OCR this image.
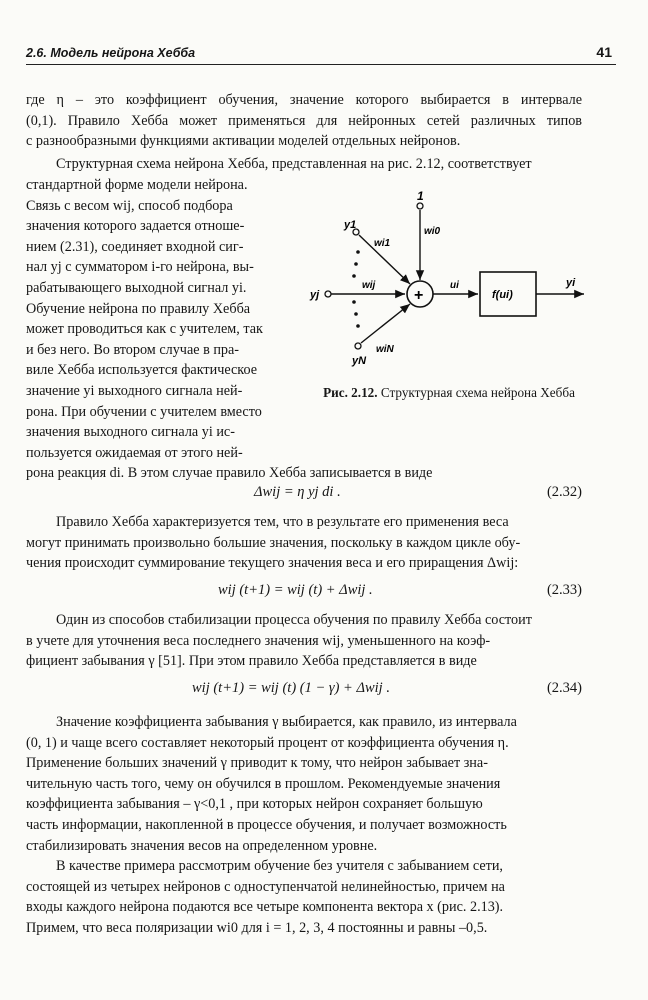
2.6. Модель нейрона Хебба	41
где η – это коэффициент обучения, значение которого выбирается в интервале
(0,1). Правило Хебба может применяться для нейронных сетей различных типов
с разнообразными функциями активации моделей отдельных нейронов.
Структурная схема нейрона Хебба, представленная на рис. 2.12, соответствует
стандартной форме модели нейрона.
Связь с весом wij, способ подбора
значения которого задается отноше-
нием (2.31), соединяет входной сиг-
нал yj с сумматором i-го нейрона, вы-
рабатывающего выходной сигнал yi.
Обучение нейрона по правилу Хебба
может проводиться как с учителем, так
и без него. Во втором случае в пра-
виле Хебба используется фактическое
значение yi выходного сигнала ней-
рона. При обучении с учителем вместо
значения выходного сигнала yi ис-
пользуется ожидаемая от этого ней-
рона реакция di. В этом случае правило Хебба записывается в виде
1
wi0
y1
wi1
yj
wij
yN
wiN
+
ui
f(ui)
yi
Рис. 2.12. Структурная схема нейрона Хебба
Δwij = η yj di .	(2.32)
Правило Хебба характеризуется тем, что в результате его применения веса
могут принимать произвольно большие значения, поскольку в каждом цикле обу-
чения происходит суммирование текущего значения веса и его приращения Δwij:
wij (t+1) = wij (t) + Δwij .	(2.33)
Один из способов стабилизации процесса обучения по правилу Хебба состоит
в учете для уточнения веса последнего значения wij, уменьшенного на коэф-
фициент забывания γ [51]. При этом правило Хебба представляется в виде
wij (t+1) = wij (t) (1 − γ) + Δwij .	(2.34)
Значение коэффициента забывания γ выбирается, как правило, из интервала
(0, 1) и чаще всего составляет некоторый процент от коэффициента обучения η.
Применение больших значений γ приводит к тому, что нейрон забывает зна-
чительную часть того, чему он обучился в прошлом. Рекомендуемые значения
коэффициента забывания – γ<0,1 , при которых нейрон сохраняет большую
часть информации, накопленной в процессе обучения, и получает возможность
стабилизировать значения весов на определенном уровне.
В качестве примера рассмотрим обучение без учителя с забыванием сети,
состоящей из четырех нейронов с одноступенчатой нелинейностью, причем на
входы каждого нейрона подаются все четыре компонента вектора x (рис. 2.13).
Примем, что веса поляризации wi0 для i = 1, 2, 3, 4 постоянны и равны –0,5.
